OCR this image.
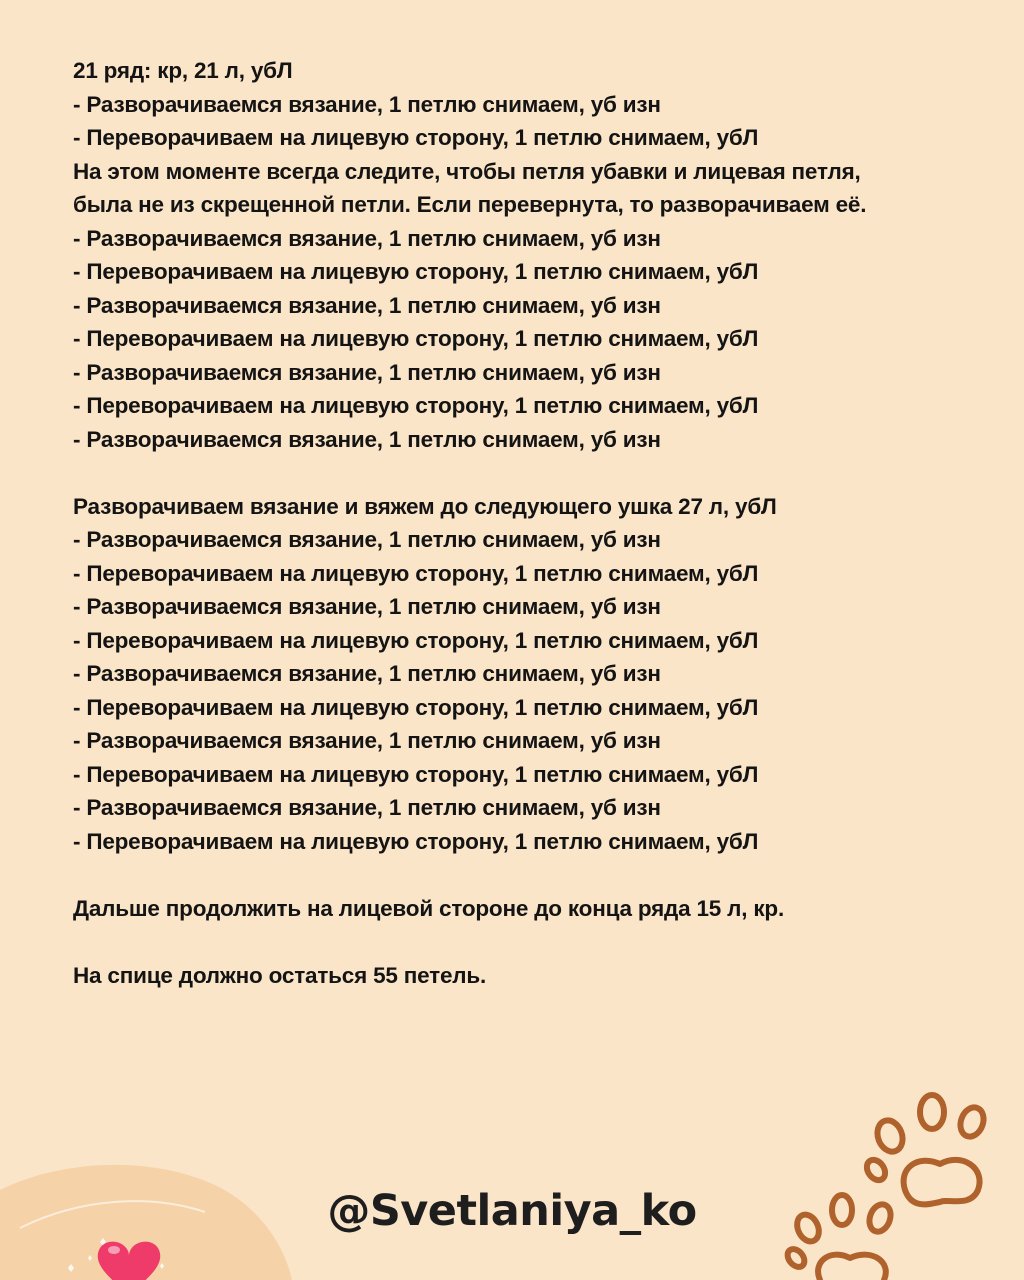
21 ряд: кр, 21 л, убЛ
- Разворачиваемся вязание, 1 петлю снимаем, уб изн
- Переворачиваем на лицевую сторону, 1 петлю снимаем, убЛ
На этом моменте всегда следите, чтобы петля убавки и лицевая петля,
была не из скрещенной петли. Если перевернута, то разворачиваем её.
- Разворачиваемся вязание, 1 петлю снимаем, уб изн
- Переворачиваем на лицевую сторону, 1 петлю снимаем, убЛ
- Разворачиваемся вязание, 1 петлю снимаем, уб изн
- Переворачиваем на лицевую сторону, 1 петлю снимаем, убЛ
- Разворачиваемся вязание, 1 петлю снимаем, уб изн
- Переворачиваем на лицевую сторону, 1 петлю снимаем, убЛ
- Разворачиваемся вязание, 1 петлю снимаем, уб изн
Разворачиваем вязание и вяжем до следующего ушка 27 л, убЛ
- Разворачиваемся вязание, 1 петлю снимаем, уб изн
- Переворачиваем на лицевую сторону, 1 петлю снимаем, убЛ
- Разворачиваемся вязание, 1 петлю снимаем, уб изн
- Переворачиваем на лицевую сторону, 1 петлю снимаем, убЛ
- Разворачиваемся вязание, 1 петлю снимаем, уб изн
- Переворачиваем на лицевую сторону, 1 петлю снимаем, убЛ
- Разворачиваемся вязание, 1 петлю снимаем, уб изн
- Переворачиваем на лицевую сторону, 1 петлю снимаем, убЛ
- Разворачиваемся вязание, 1 петлю снимаем, уб изн
- Переворачиваем на лицевую сторону, 1 петлю снимаем, убЛ
Дальше продолжить на лицевой стороне до конца ряда 15 л, кр.
На спице должно остаться 55 петель.
@Svetlaniya_ko
